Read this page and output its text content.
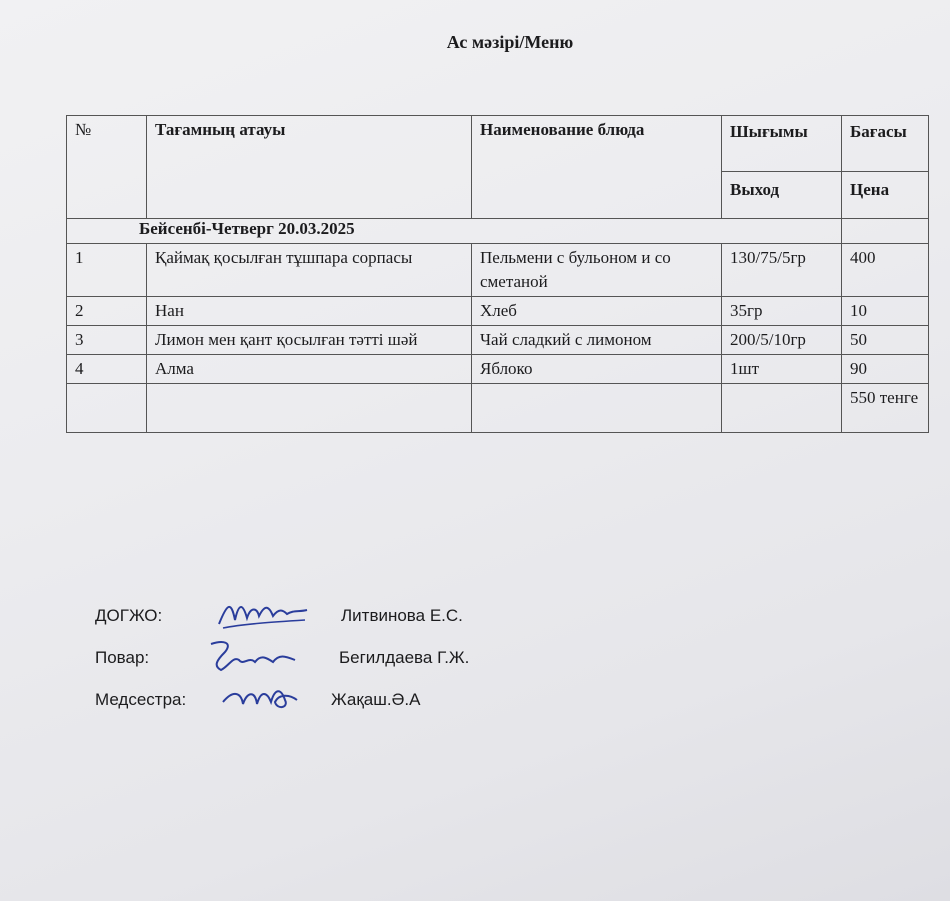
Ас мәзірі/Меню
№	Тағамның атауы	Наименование блюда	Шығымы	Бағасы
			Выход	Цена
Бейсенбі-Четверг 20.03.2025				
1	Қаймақ қосылған тұшпара сорпасы	Пельмени с бульоном и со сметаной	130/75/5гр	400
2	Нан	Хлеб	35гр	10
3	Лимон мен қант қосылған тәтті шәй	Чай сладкий с лимоном	200/5/10гр	50
4	Алма	Яблоко	1шт	90
				550 тенге
ДОГЖО:	Литвинова Е.С.
Повар:	Бегилдаева Г.Ж.
Медсестра:	Жақаш.Ә.А
